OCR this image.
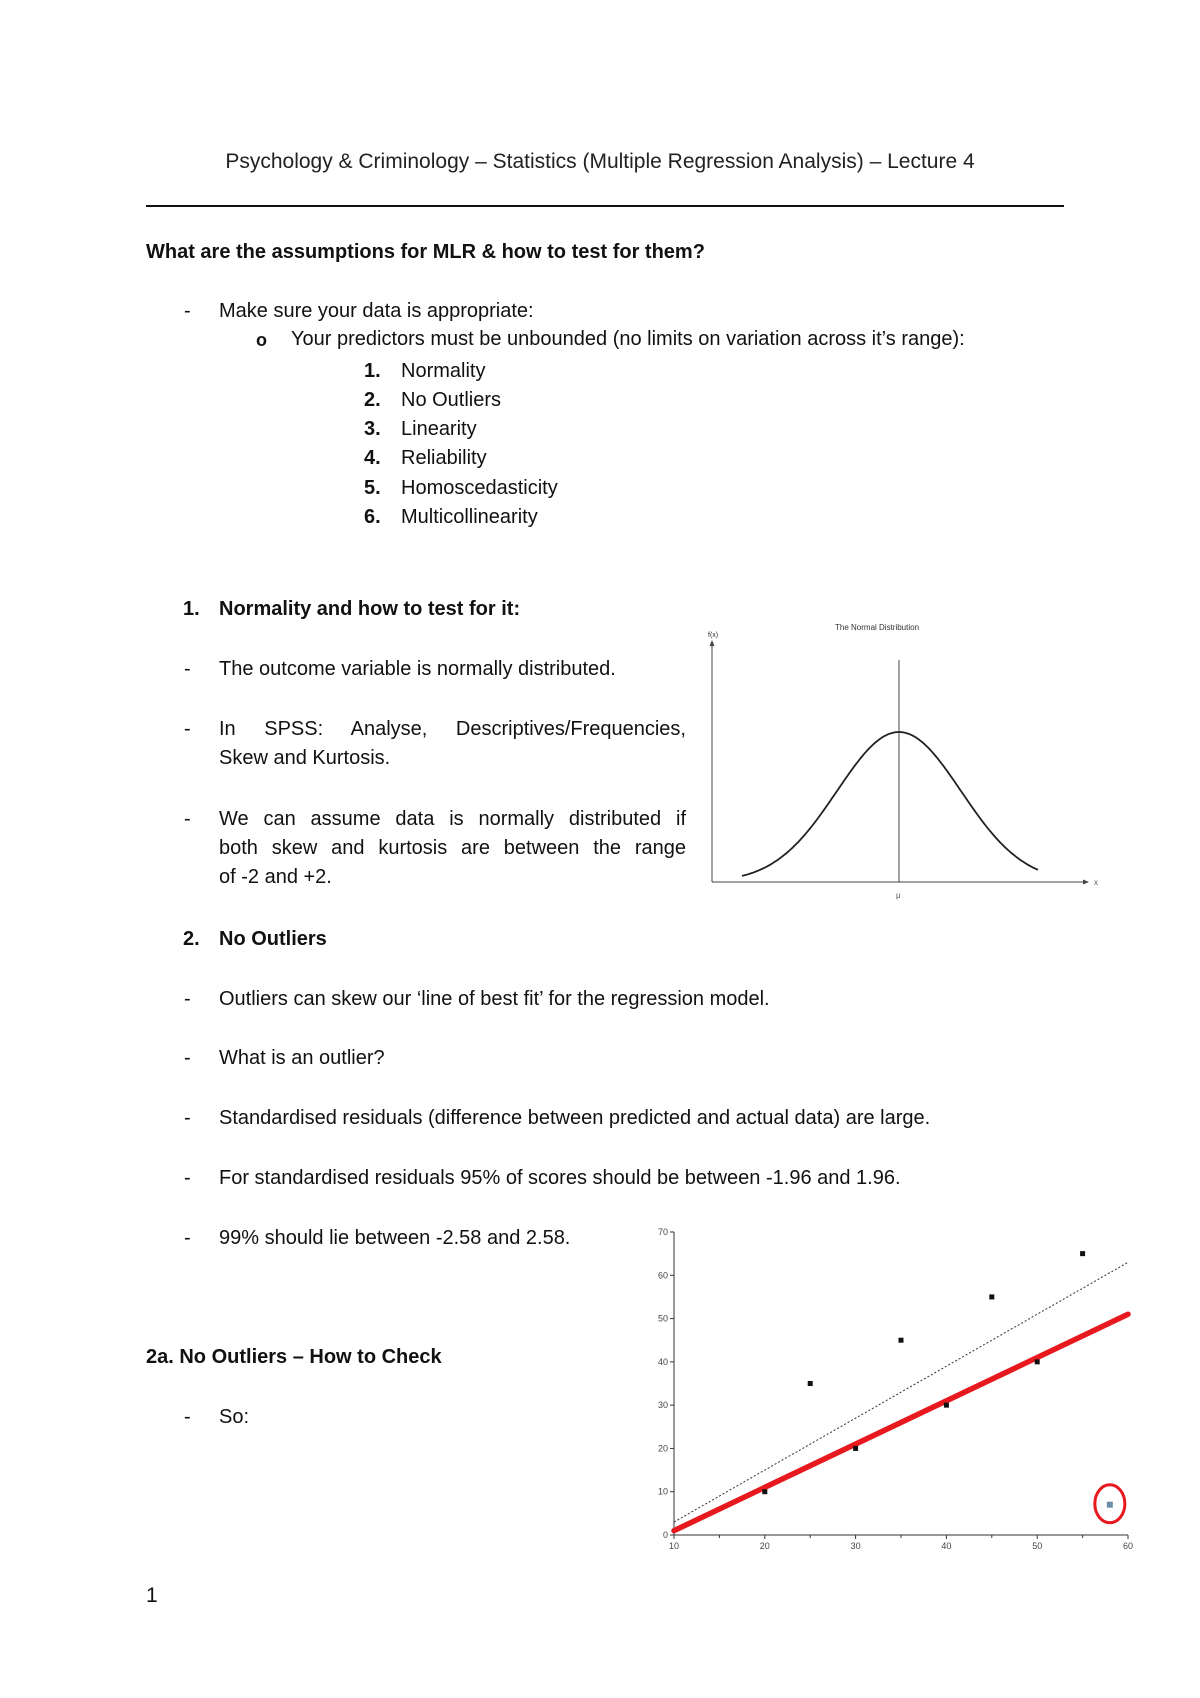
Psychology & Criminology – Statistics (Multiple Regression Analysis) – Lecture 4
What are the assumptions for MLR & how to test for them?
-	Make sure your data is appropriate:
o Your predictors must be unbounded (no limits on variation across it’s range):
1.	Normality
2.	No Outliers
3.	Linearity
4.	Reliability
5.	Homoscedasticity
6.	Multicollinearity
1. Normality and how to test for it:
-	The outcome variable is normally distributed.
-	In SPSS: Analyse, Descriptives/Frequencies,
Skew and Kurtosis.
-	We can assume data is normally distributed if
both skew and kurtosis are between the range
of -2 and +2.
The Normal Distribution
f(x)
x
μ
2. No Outliers
-	Outliers can skew our ‘line of best fit’ for the regression model.
-	What is an outlier?
-	Standardised residuals (difference between predicted and actual data) are large.
-	For standardised residuals 95% of scores should be between -1.96 and 1.96.
-	99% should lie between -2.58 and 2.58.
2a. No Outliers – How to Check
-	So:
0
10
20
30
40
50
60
70
10	20	30	40	50	60
1
